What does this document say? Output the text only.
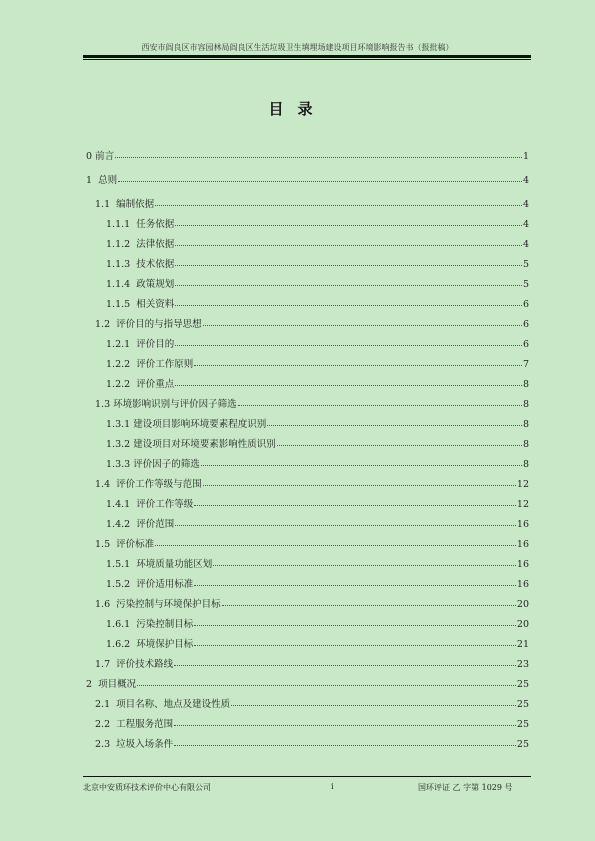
西安市阎良区市容园林局阎良区生活垃圾卫生填埋场建设项目环境影响报告书（报批稿）
目录
0 前言	1
1 总则	4
1.1 编制依据	4
1.1.1 任务依据	4
1.1.2 法律依据	4
1.1.3 技术依据	5
1.1.4 政策规划	5
1.1.5 相关资料	6
1.2 评价目的与指导思想	6
1.2.1 评价目的	6
1.2.2 评价工作原则	7
1.2.2 评价重点	8
1.3 环境影响识别与评价因子筛选	8
1.3.1 建设项目影响环境要素程度识别	8
1.3.2 建设项目对环境要素影响性质识别	8
1.3.3 评价因子的筛选	8
1.4 评价工作等级与范围	12
1.4.1 评价工作等级	12
1.4.2 评价范围	16
1.5 评价标准	16
1.5.1 环境质量功能区划	16
1.5.2 评价适用标准	16
1.6 污染控制与环境保护目标	20
1.6.1 污染控制目标	20
1.6.2 环境保护目标	21
1.7 评价技术路线	23
2 项目概况	25
2.1 项目名称、地点及建设性质	25
2.2 工程服务范围	25
2.3 垃圾入场条件	25
北京中安质环技术评价中心有限公司	i	国环评证 乙 字第 1029 号
